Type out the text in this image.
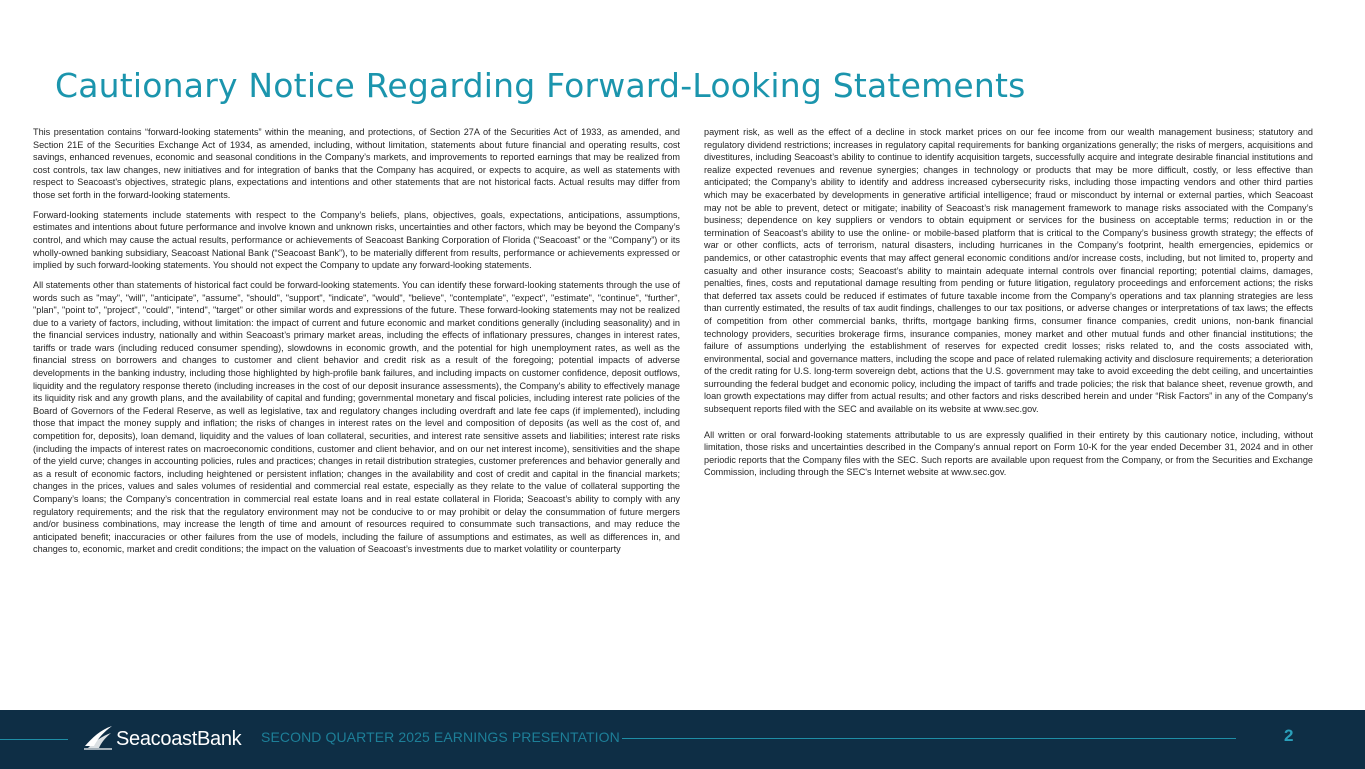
Cautionary Notice Regarding Forward-Looking Statements

This presentation contains “forward-looking statements” within the meaning, and protections, of Section 27A of the Securities Act of 1933, as amended, and Section 21E of the Securities Exchange Act of 1934, as amended, including, without limitation, statements about future financial and operating results, cost savings, enhanced revenues, economic and seasonal conditions in the Company’s markets, and improvements to reported earnings that may be realized from cost controls, tax law changes, new initiatives and for integration of banks that the Company has acquired, or expects to acquire, as well as statements with respect to Seacoast's objectives, strategic plans, expectations and intentions and other statements that are not historical facts. Actual results may differ from those set forth in the forward-looking statements.

Forward-looking statements include statements with respect to the Company’s beliefs, plans, objectives, goals, expectations, anticipations, assumptions, estimates and intentions about future performance and involve known and unknown risks, uncertainties and other factors, which may be beyond the Company’s control, and which may cause the actual results, performance or achievements of Seacoast Banking Corporation of Florida (“Seacoast” or the “Company”) or its wholly-owned banking subsidiary, Seacoast National Bank (“Seacoast Bank”), to be materially different from results, performance or achievements expressed or implied by such forward-looking statements. You should not expect the Company to update any forward-looking statements.

All statements other than statements of historical fact could be forward-looking statements. You can identify these forward-looking statements through the use of words such as "may", "will", "anticipate", "assume", "should", "support", "indicate", "would", "believe", "contemplate", "expect", "estimate", "continue", "further", "plan", "point to", "project", "could", "intend", "target" or other similar words and expressions of the future. These forward-looking statements may not be realized due to a variety of factors, including, without limitation: the impact of current and future economic and market conditions generally (including seasonality) and in the financial services industry, nationally and within Seacoast’s primary market areas, including the effects of inflationary pressures, changes in interest rates, tariffs or trade wars (including reduced consumer spending), slowdowns in economic growth, and the potential for high unemployment rates, as well as the financial stress on borrowers and changes to customer and client behavior and credit risk as a result of the foregoing; potential impacts of adverse developments in the banking industry, including those highlighted by high-profile bank failures, and including impacts on customer confidence, deposit outflows, liquidity and the regulatory response thereto (including increases in the cost of our deposit insurance assessments), the Company's ability to effectively manage its liquidity risk and any growth plans, and the availability of capital and funding; governmental monetary and fiscal policies, including interest rate policies of the Board of Governors of the Federal Reserve, as well as legislative, tax and regulatory changes including overdraft and late fee caps (if implemented), including those that impact the money supply and inflation; the risks of changes in interest rates on the level and composition of deposits (as well as the cost of, and competition for, deposits), loan demand, liquidity and the values of loan collateral, securities, and interest rate sensitive assets and liabilities; interest rate risks (including the impacts of interest rates on macroeconomic conditions, customer and client behavior, and on our net interest income), sensitivities and the shape of the yield curve; changes in accounting policies, rules and practices; changes in retail distribution strategies, customer preferences and behavior generally and as a result of economic factors, including heightened or persistent inflation; changes in the availability and cost of credit and capital in the financial markets; changes in the prices, values and sales volumes of residential and commercial real estate, especially as they relate to the value of collateral supporting the Company’s loans; the Company’s concentration in commercial real estate loans and in real estate collateral in Florida; Seacoast’s ability to comply with any regulatory requirements; and the risk that the regulatory environment may not be conducive to or may prohibit or delay the consummation of future mergers and/or business combinations, may increase the length of time and amount of resources required to consummate such transactions, and may reduce the anticipated benefit; inaccuracies or other failures from the use of models, including the failure of assumptions and estimates, as well as differences in, and changes to, economic, market and credit conditions; the impact on the valuation of Seacoast’s investments due to market volatility or counterparty

payment risk, as well as the effect of a decline in stock market prices on our fee income from our wealth management business; statutory and regulatory dividend restrictions; increases in regulatory capital requirements for banking organizations generally; the risks of mergers, acquisitions and divestitures, including Seacoast’s ability to continue to identify acquisition targets, successfully acquire and integrate desirable financial institutions and realize expected revenues and revenue synergies; changes in technology or products that may be more difficult, costly, or less effective than anticipated; the Company’s ability to identify and address increased cybersecurity risks, including those impacting vendors and other third parties which may be exacerbated by developments in generative artificial intelligence; fraud or misconduct by internal or external parties, which Seacoast may not be able to prevent, detect or mitigate; inability of Seacoast’s risk management framework to manage risks associated with the Company’s business; dependence on key suppliers or vendors to obtain equipment or services for the business on acceptable terms; reduction in or the termination of Seacoast’s ability to use the online- or mobile-based platform that is critical to the Company’s business growth strategy; the effects of war or other conflicts, acts of terrorism, natural disasters, including hurricanes in the Company’s footprint, health emergencies, epidemics or pandemics, or other catastrophic events that may affect general economic conditions and/or increase costs, including, but not limited to, property and casualty and other insurance costs; Seacoast’s ability to maintain adequate internal controls over financial reporting; potential claims, damages, penalties, fines, costs and reputational damage resulting from pending or future litigation, regulatory proceedings and enforcement actions; the risks that deferred tax assets could be reduced if estimates of future taxable income from the Company’s operations and tax planning strategies are less than currently estimated, the results of tax audit findings, challenges to our tax positions, or adverse changes or interpretations of tax laws; the effects of competition from other commercial banks, thrifts, mortgage banking firms, consumer finance companies, credit unions, non-bank financial technology providers, securities brokerage firms, insurance companies, money market and other mutual funds and other financial institutions; the failure of assumptions underlying the establishment of reserves for expected credit losses; risks related to, and the costs associated with, environmental, social and governance matters, including the scope and pace of related rulemaking activity and disclosure requirements; a deterioration of the credit rating for U.S. long-term sovereign debt, actions that the U.S. government may take to avoid exceeding the debt ceiling, and uncertainties surrounding the federal budget and economic policy, including the impact of tariffs and trade policies; the risk that balance sheet, revenue growth, and loan growth expectations may differ from actual results; and other factors and risks described herein and under “Risk Factors” in any of the Company's subsequent reports filed with the SEC and available on its website at www.sec.gov.

All written or oral forward-looking statements attributable to us are expressly qualified in their entirety by this cautionary notice, including, without limitation, those risks and uncertainties described in the Company’s annual report on Form 10-K for the year ended December 31, 2024 and in other periodic reports that the Company files with the SEC. Such reports are available upon request from the Company, or from the Securities and Exchange Commission, including through the SEC's Internet website at www.sec.gov.

SeacoastBank SECOND QUARTER 2025 EARNINGS PRESENTATION	2
